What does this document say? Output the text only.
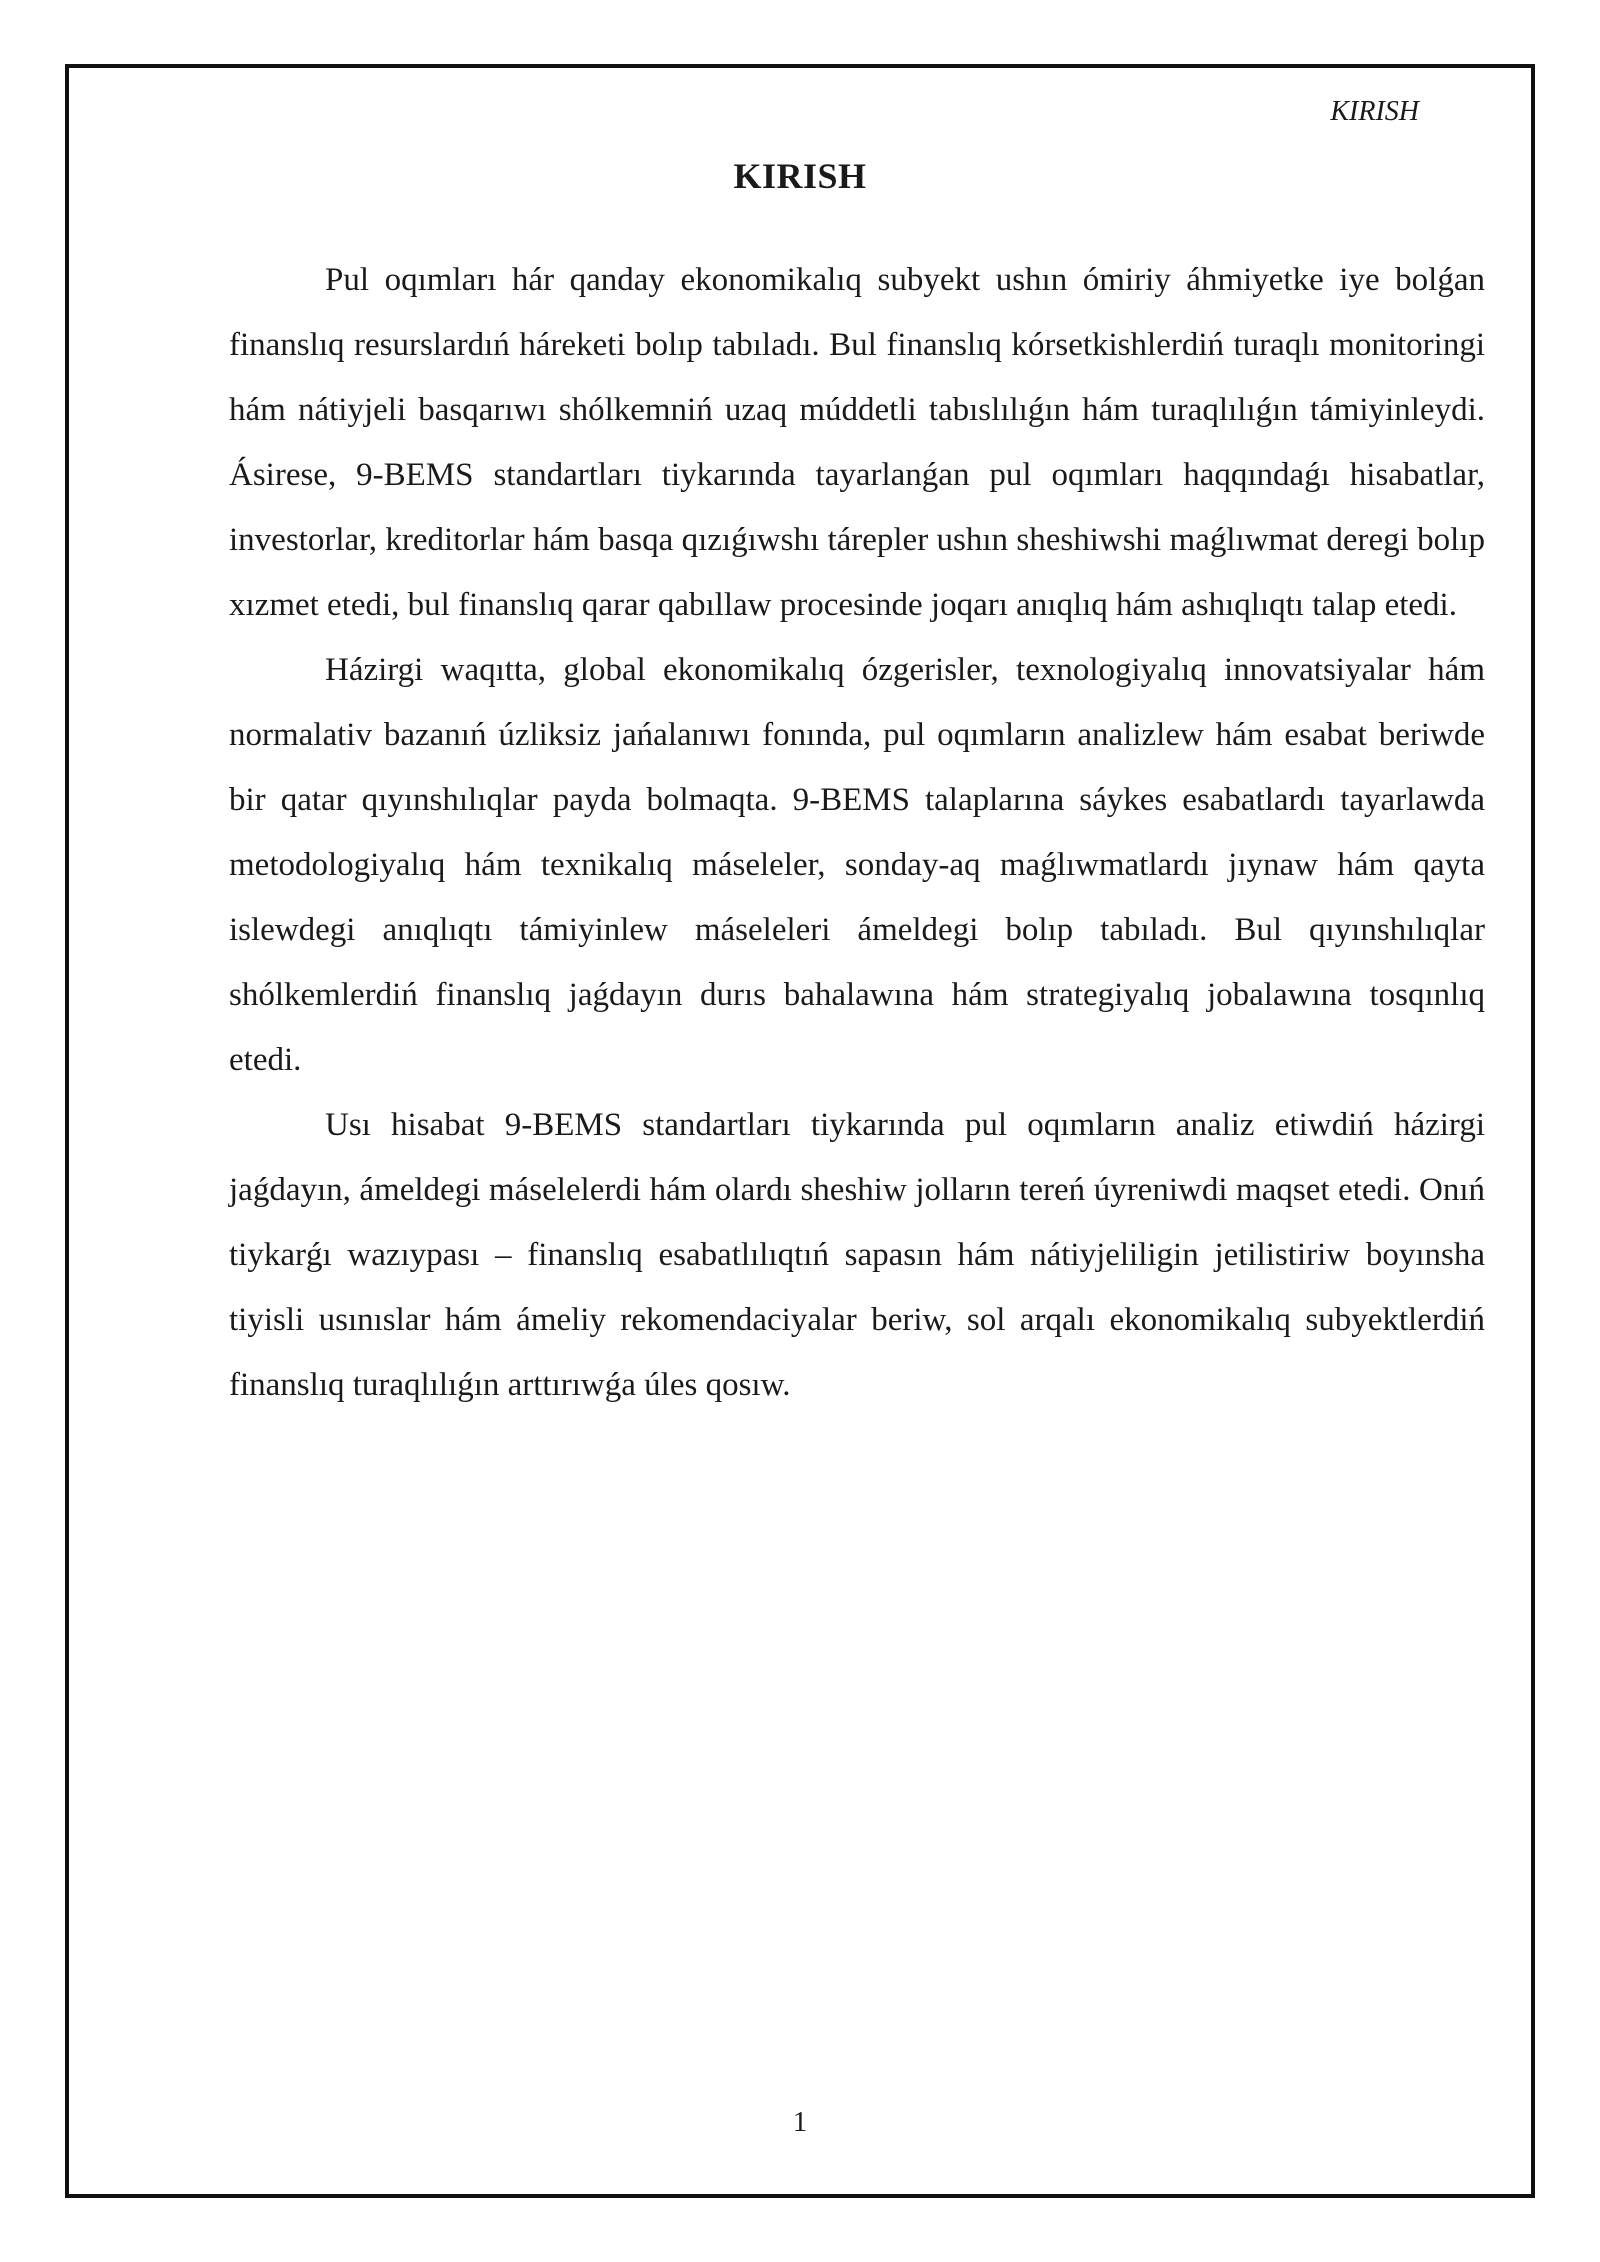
KIRISH
KIRISH

Pul oqımları hár qanday ekonomikalıq subyekt ushın ómiriy áhmiyetke iye bolǵan finanslıq resurslardıń háreketi bolıp tabıladı. Bul finanslıq kórsetkishlerdiń turaqlı monitoringi hám nátiyjeli basqarıwı shólkemniń uzaq múddetli tabıslılıǵın hám turaqlılıǵın támiyinleydi. Ásirese, 9-BEMS standartları tiykarında tayarlanǵan pul oqımları haqqındaǵı hisabatlar, investorlar, kreditorlar hám basqa qızıǵıwshı tárepler ushın sheshiwshi maǵlıwmat deregi bolıp xızmet etedi, bul finanslıq qarar qabıllaw procesinde joqarı anıqlıq hám ashıqlıqtı talap etedi.

Házirgi waqıtta, global ekonomikalıq ózgerisler, texnologiyalıq innovatsiyalar hám normalativ bazanıń úzliksiz jańalanıwı fonında, pul oqımların analizlew hám esabat beriwde bir qatar qıyınshılıqlar payda bolmaqta. 9-BEMS talaplarına sáykes esabatlardı tayarlawda metodologiyalıq hám texnikalıq máseleler, sonday-aq maǵlıwmatlardı jıynaw hám qayta islewdegi anıqlıqtı támiyinlew máseleleri ámeldegi bolıp tabıladı. Bul qıyınshılıqlar shólkemlerdiń finanslıq jaǵdayın durıs bahalawına hám strategiyalıq jobalawına tosqınlıq etedi.

Usı hisabat 9-BEMS standartları tiykarında pul oqımların analiz etiwdiń házirgi jaǵdayın, ámeldegi máselelerdi hám olardı sheshiw jolların tereń úyreniwdi maqset etedi. Onıń tiykarǵı wazıypası – finanslıq esabatlılıqtıń sapasın hám nátiyjeliligin jetilistiriw boyınsha tiyisli usınıslar hám ámeliy rekomendaciyalar beriw, sol arqalı ekonomikalıq subyektlerdiń finanslıq turaqlılıǵın arttırıwǵa úles qosıw.

1
